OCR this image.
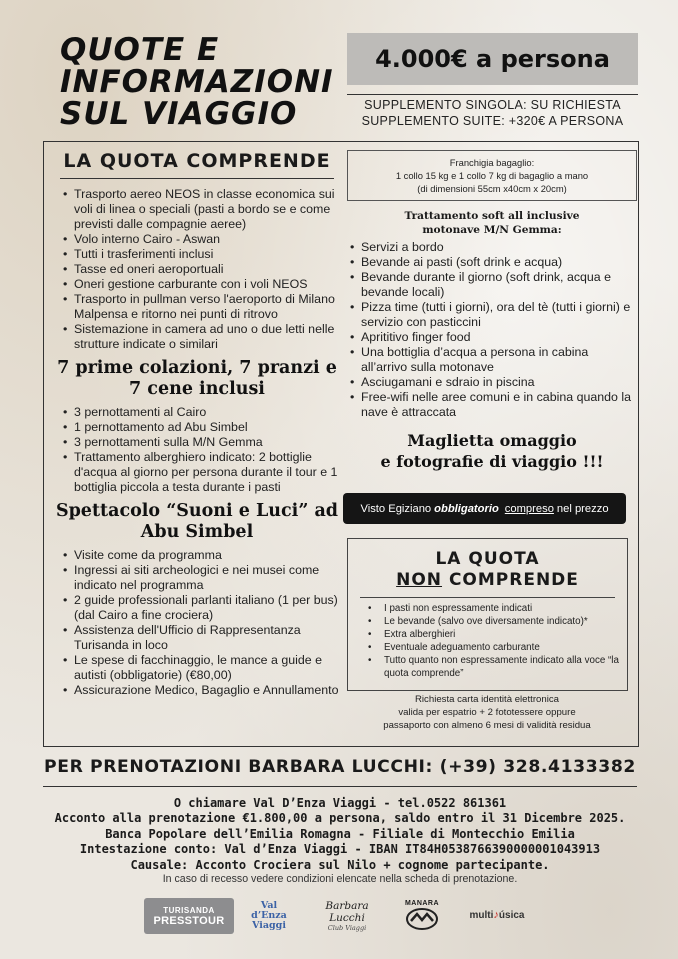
QUOTE E
INFORMAZIONI
SUL VIAGGIO
4.000€ a persona
SUPPLEMENTO SINGOLA: SU RICHIESTA
SUPPLEMENTO SUITE: +320€ A PERSONA
LA QUOTA COMPRENDE
• Trasporto aereo NEOS in classe economica sui voli di linea o speciali (pasti a bordo se e come previsti dalle compagnie aeree)
• Volo interno Cairo - Aswan
• Tutti i trasferimenti inclusi
• Tasse ed oneri aeroportuali
• Oneri gestione carburante con i voli NEOS
• Trasporto in pullman verso l'aeroporto di Milano Malpensa e ritorno nei punti di ritrovo
• Sistemazione in camera ad uno o due letti nelle strutture indicate o similari
7 prime colazioni, 7 pranzi e 7 cene inclusi
• 3 pernottamenti al Cairo
• 1 pernottamento ad Abu Simbel
• 3 pernottamenti sulla M/N Gemma
• Trattamento alberghiero indicato: 2 bottiglie d'acqua al giorno per persona durante il tour e 1 bottiglia piccola a testa durante i pasti
Spettacolo “Suoni e Luci” ad Abu Simbel
• Visite come da programma
• Ingressi ai siti archeologici e nei musei come indicato nel programma
• 2 guide professionali parlanti italiano (1 per bus) (dal Cairo a fine crociera)
• Assistenza dell'Ufficio di Rappresentanza Turisanda in loco
• Le spese di facchinaggio, le mance a guide e autisti (obbligatorie) (€80,00)
• Assicurazione Medico, Bagaglio e Annullamento
Franchigia bagaglio:
1 collo 15 kg e 1 collo 7 kg di bagaglio a mano
(di dimensioni 55cm x40cm x 20cm)
Trattamento soft all inclusive
motonave M/N Gemma:
• Servizi a bordo
• Bevande ai pasti (soft drink e acqua)
• Bevande durante il giorno (soft drink, acqua e bevande locali)
• Pizza time (tutti i giorni), ora del tè (tutti i giorni) e servizio con pasticcini
• Aprititivo finger food
• Una bottiglia d’acqua a persona in cabina all’arrivo sulla motonave
• Asciugamani e sdraio in piscina
• Free-wifi nelle aree comuni e in cabina quando la nave è attraccata
Maglietta omaggio
e fotografie di viaggio !!!
Visto Egiziano obbligatorio compreso nel prezzo
LA QUOTA
NON COMPRENDE
• I pasti non espressamente indicati
• Le bevande (salvo ove diversamente indicato)*
• Extra alberghieri
• Eventuale adeguamento carburante
• Tutto quanto non espressamente indicato alla voce “la quota comprende”
Richiesta carta identità elettronica
valida per espatrio + 2 fototessere oppure
passaporto con almeno 6 mesi di validità residua
PER PRENOTAZIONI BARBARA LUCCHI: (+39) 328.4133382
O chiamare Val D’Enza Viaggi - tel.0522 861361
Acconto alla prenotazione €1.800,00 a persona, saldo entro il 31 Dicembre 2025.
Banca Popolare dell’Emilia Romagna - Filiale di Montecchio Emilia
Intestazione conto: Val d’Enza Viaggi - IBAN IT84H0538766390000001043913
Causale: Acconto Crociera sul Nilo + cognome partecipante.
In caso di recesso vedere condizioni elencate nella scheda di prenotazione.
TURISANDA
PRESSTOUR
Val d’Enza
Viaggi
Barbara Lucchi
Club Viaggi
MANARA
multi ♪ úsica
